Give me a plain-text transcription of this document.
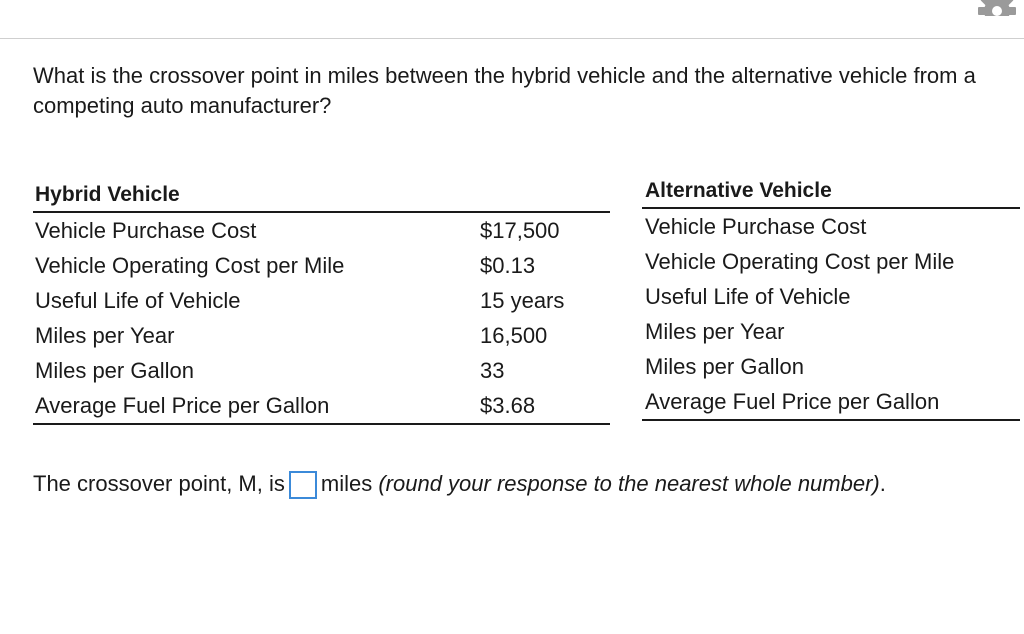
What is the crossover point in miles between the hybrid vehicle and the alternative vehicle from a competing auto manufacturer?
Hybrid Vehicle
Vehicle Purchase Cost	$17,500
Vehicle Operating Cost per Mile	$0.13
Useful Life of Vehicle	15 years
Miles per Year	16,500
Miles per Gallon	33
Average Fuel Price per Gallon	$3.68
Alternative Vehicle
Vehicle Purchase Cost
Vehicle Operating Cost per Mile
Useful Life of Vehicle
Miles per Year
Miles per Gallon
Average Fuel Price per Gallon
The crossover point, M, is miles (round your response to the nearest whole number).
